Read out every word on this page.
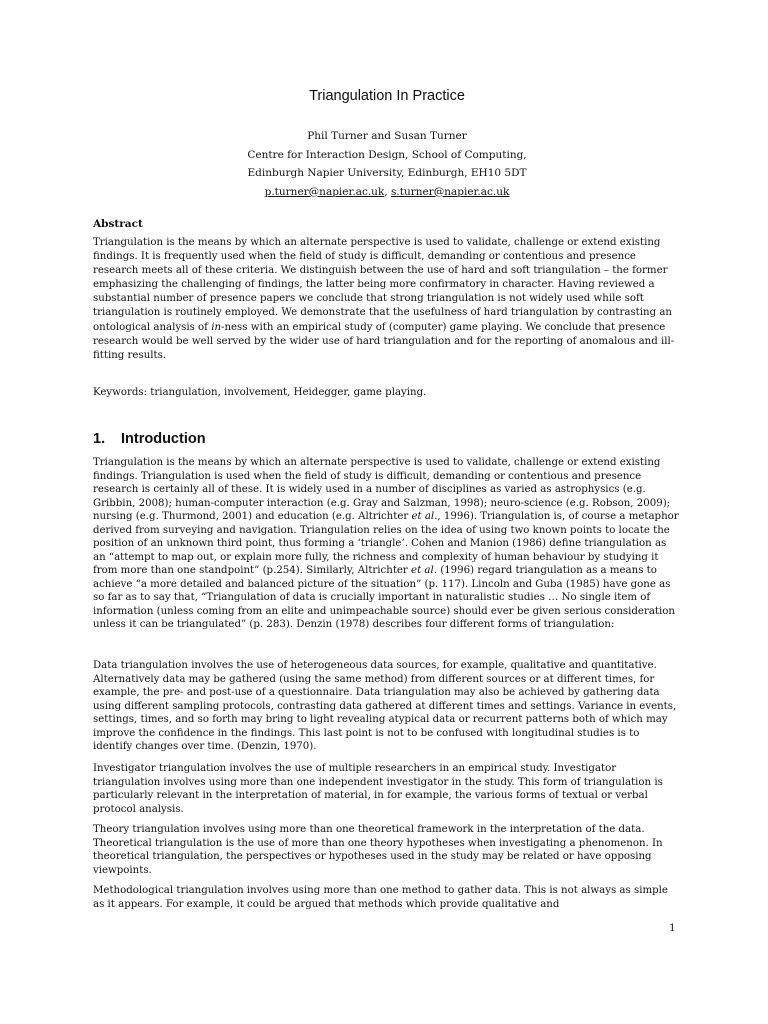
Triangulation In Practice
Phil Turner and Susan Turner
Centre for Interaction Design, School of Computing,
Edinburgh Napier University, Edinburgh, EH10 5DT
p.turner@napier.ac.uk, s.turner@napier.ac.uk
Abstract

Triangulation is the means by which an alternate perspective is used to validate, challenge or extend existing findings. It is frequently used when the field of study is difficult, demanding or contentious and presence research meets all of these criteria. We distinguish between the use of hard and soft triangulation – the former emphasizing the challenging of findings, the latter being more confirmatory in character. Having reviewed a substantial number of presence papers we conclude that strong triangulation is not widely used while soft triangulation is routinely employed. We demonstrate that the usefulness of hard triangulation by contrasting an ontological analysis of in-ness with an empirical study of (computer) game playing. We conclude that presence research would be well served by the wider use of hard triangulation and for the reporting of anomalous and ill-fitting results.

Keywords: triangulation, involvement, Heidegger, game playing.

1. Introduction

Triangulation is the means by which an alternate perspective is used to validate, challenge or extend existing findings. Triangulation is used when the field of study is difficult, demanding or contentious and presence research is certainly all of these. It is widely used in a number of disciplines as varied as astrophysics (e.g. Gribbin, 2008); human-computer interaction (e.g. Gray and Salzman, 1998); neuro-science (e.g. Robson, 2009); nursing (e.g. Thurmond, 2001) and education (e.g. Altrichter et al., 1996). Triangulation is, of course a metaphor derived from surveying and navigation. Triangulation relies on the idea of using two known points to locate the position of an unknown third point, thus forming a ‘triangle’. Cohen and Manion (1986) define triangulation as an “attempt to map out, or explain more fully, the richness and complexity of human behaviour by studying it from more than one standpoint” (p.254). Similarly, Altrichter et al. (1996) regard triangulation as a means to achieve “a more detailed and balanced picture of the situation” (p. 117). Lincoln and Guba (1985) have gone as so far as to say that, “Triangulation of data is crucially important in naturalistic studies … No single item of information (unless coming from an elite and unimpeachable source) should ever be given serious consideration unless it can be triangulated” (p. 283). Denzin (1978) describes four different forms of triangulation:

Data triangulation involves the use of heterogeneous data sources, for example, qualitative and quantitative. Alternatively data may be gathered (using the same method) from different sources or at different times, for example, the pre- and post-use of a questionnaire. Data triangulation may also be achieved by gathering data using different sampling protocols, contrasting data gathered at different times and settings. Variance in events, settings, times, and so forth may bring to light revealing atypical data or recurrent patterns both of which may improve the confidence in the findings. This last point is not to be confused with longitudinal studies is to identify changes over time. (Denzin, 1970).

Investigator triangulation involves the use of multiple researchers in an empirical study. Investigator triangulation involves using more than one independent investigator in the study. This form of triangulation is particularly relevant in the interpretation of material, in for example, the various forms of textual or verbal protocol analysis.

Theory triangulation involves using more than one theoretical framework in the interpretation of the data. Theoretical triangulation is the use of more than one theory hypotheses when investigating a phenomenon. In theoretical triangulation, the perspectives or hypotheses used in the study may be related or have opposing viewpoints.

Methodological triangulation involves using more than one method to gather data. This is not always as simple as it appears. For example, it could be argued that methods which provide qualitative and

1
